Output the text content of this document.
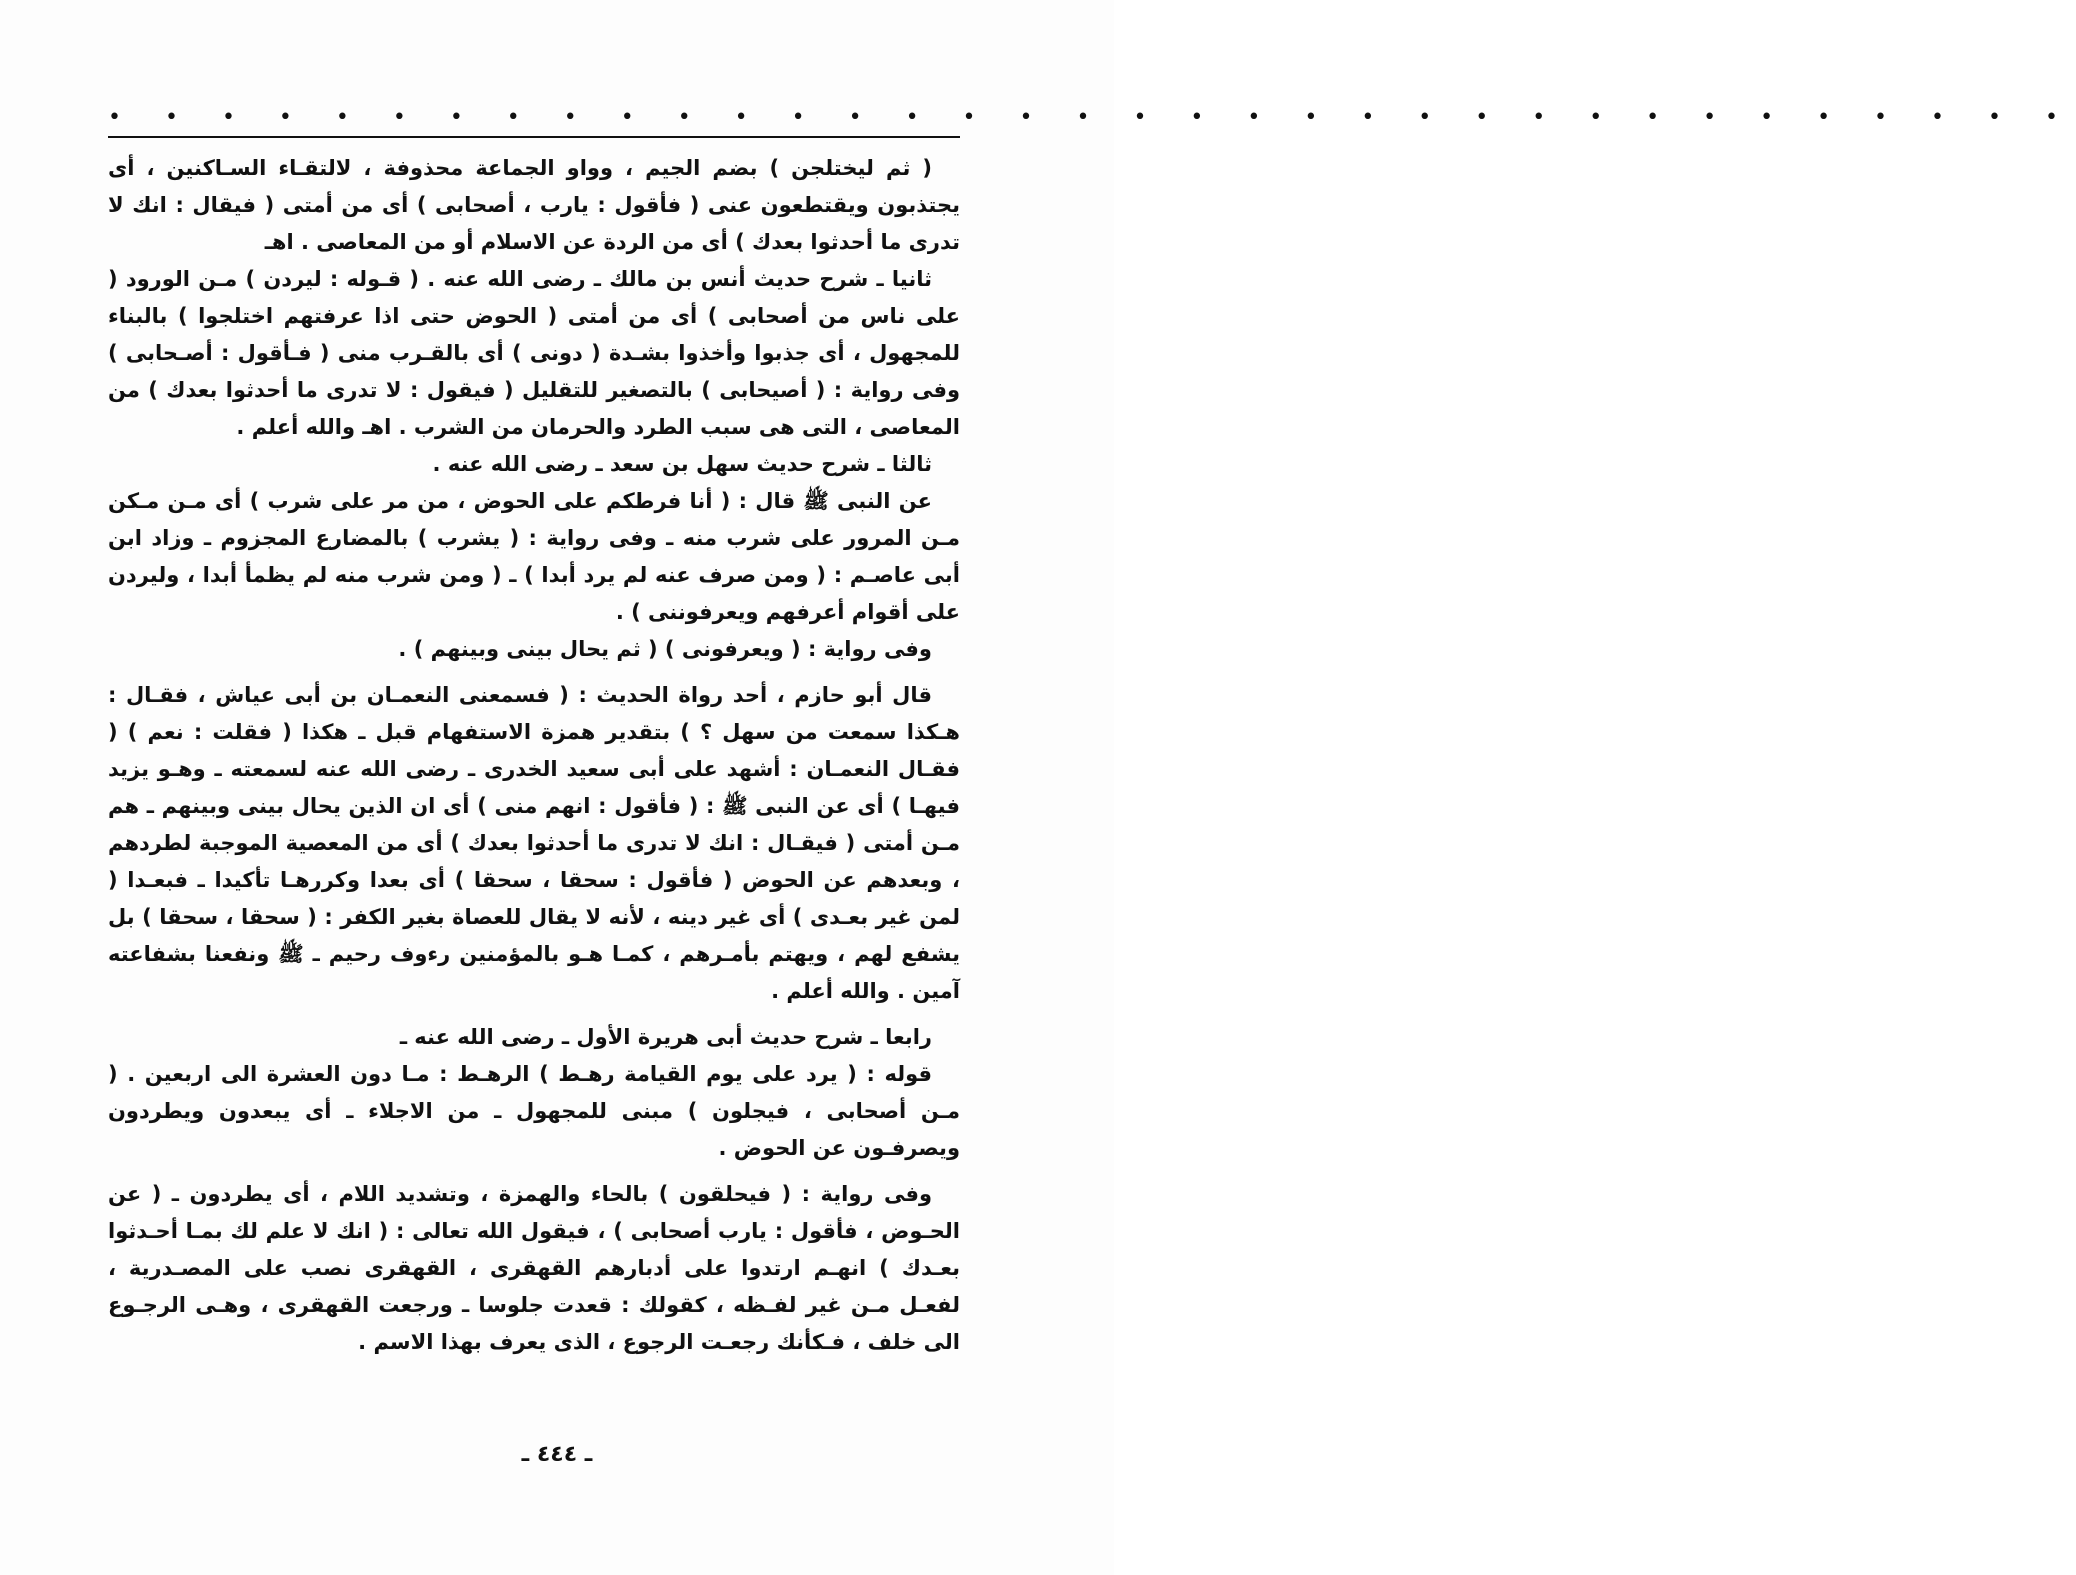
• • • • • • • • • • • • • • • • • • • • • • • • • • • • • • • • • • •

( ثم ليختلجن ) بضم الجيم ، وواو الجماعة محذوفة ، لالتقـاء السـاكنين ، أى يجتذبون ويقتطعون عنى ( فأقول : يارب ، أصحابى ) أى من أمتى ( فيقال : انك لا تدرى ما أحدثوا بعدك ) أى من الردة عن الاسلام أو من المعاصى . اهـ

ثانيا ـ شرح حديث أنس بن مالك ـ رضى الله عنه . ( قـوله : ليردن ) مـن الورود ( على ناس من أصحابى ) أى من أمتى ( الحوض حتى اذا عرفتهم اختلجوا ) بالبناء للمجهول ، أى جذبوا وأخذوا بشـدة ( دونى ) أى بالقـرب منى ( فـأقول : أصـحابى ) وفى رواية : ( أصيحابى ) بالتصغير للتقليل ( فيقول : لا تدرى ما أحدثوا بعدك ) من المعاصى ، التى هى سبب الطرد والحرمان من الشرب . اهـ والله أعلم .

ثالثا ـ شرح حديث سهل بن سعد ـ رضى الله عنه .

عن النبى ﷺ قال : ( أنا فرطكم على الحوض ، من مر على شرب ) أى مـن مـكن مـن المرور على شرب منه ـ وفى رواية : ( يشرب ) بالمضارع المجزوم ـ وزاد ابن أبى عاصـم : ( ومن صرف عنه لم يرد أبدا ) ـ ( ومن شرب منه لم يظمأ أبدا ، وليردن على أقوام أعرفهم ويعرفوننى ) .

وفى رواية : ( ويعرفونى ) ( ثم يحال بينى وبينهم ) .

قال أبو حازم ، أحد رواة الحديث : ( فسمعنى النعمـان بن أبى عياش ، فقـال : هـكذا سمعت من سهل ؟ ) بتقدير همزة الاستفهام قبل ـ هكذا ( فقلت : نعم ) ( فقـال النعمـان : أشهد على أبى سعيد الخدرى ـ رضى الله عنه لسمعته ـ وهـو يزيد فيهـا ) أى عن النبى ﷺ : ( فأقول : انهم منى ) أى ان الذين يحال بينى وبينهم ـ هم مـن أمتى ( فيقـال : انك لا تدرى ما أحدثوا بعدك ) أى من المعصية الموجبة لطردهم ، وبعدهم عن الحوض ( فأقول : سحقا ، سحقا ) أى بعدا وكررهـا تأكيدا ـ فبعـدا ( لمن غير بعـدى ) أى غير دينه ، لأنه لا يقال للعصاة بغير الكفر : ( سحقا ، سحقا ) بل يشفع لهم ، ويهتم بأمـرهم ، كمـا هـو بالمؤمنين رءوف رحيم ـ ﷺ ونفعنا بشفاعته آمين . والله أعلم .

رابعا ـ شرح حديث أبى هريرة الأول ـ رضى الله عنه ـ

قوله : ( يرد على يوم القيامة رهـط ) الرهـط : مـا دون العشرة الى اربعين . ( مـن أصحابى ، فيجلون ) مبنى للمجهول ـ من الاجلاء ـ أى يبعدون ويطردون ويصرفـون عن الحوض .

وفى رواية : ( فيحلقون ) بالحاء والهمزة ، وتشديد اللام ، أى يطردون ـ ( عن الحـوض ، فأقول : يارب أصحابى ) ، فيقول الله تعالى : ( انك لا علم لك بمـا أحـدثوا بعـدك ) انهـم ارتدوا على أدبارهم القهقرى ، القهقرى نصب على المصـدرية ، لفعـل مـن غير لفـظه ، كقولك : قعدت جلوسا ـ ورجعت القهقرى ، وهـى الرجـوع الى خلف ، فـكأنك رجعـت الرجوع ، الذى يعرف بهذا الاسم .

ـ ٤٤٤ ـ
